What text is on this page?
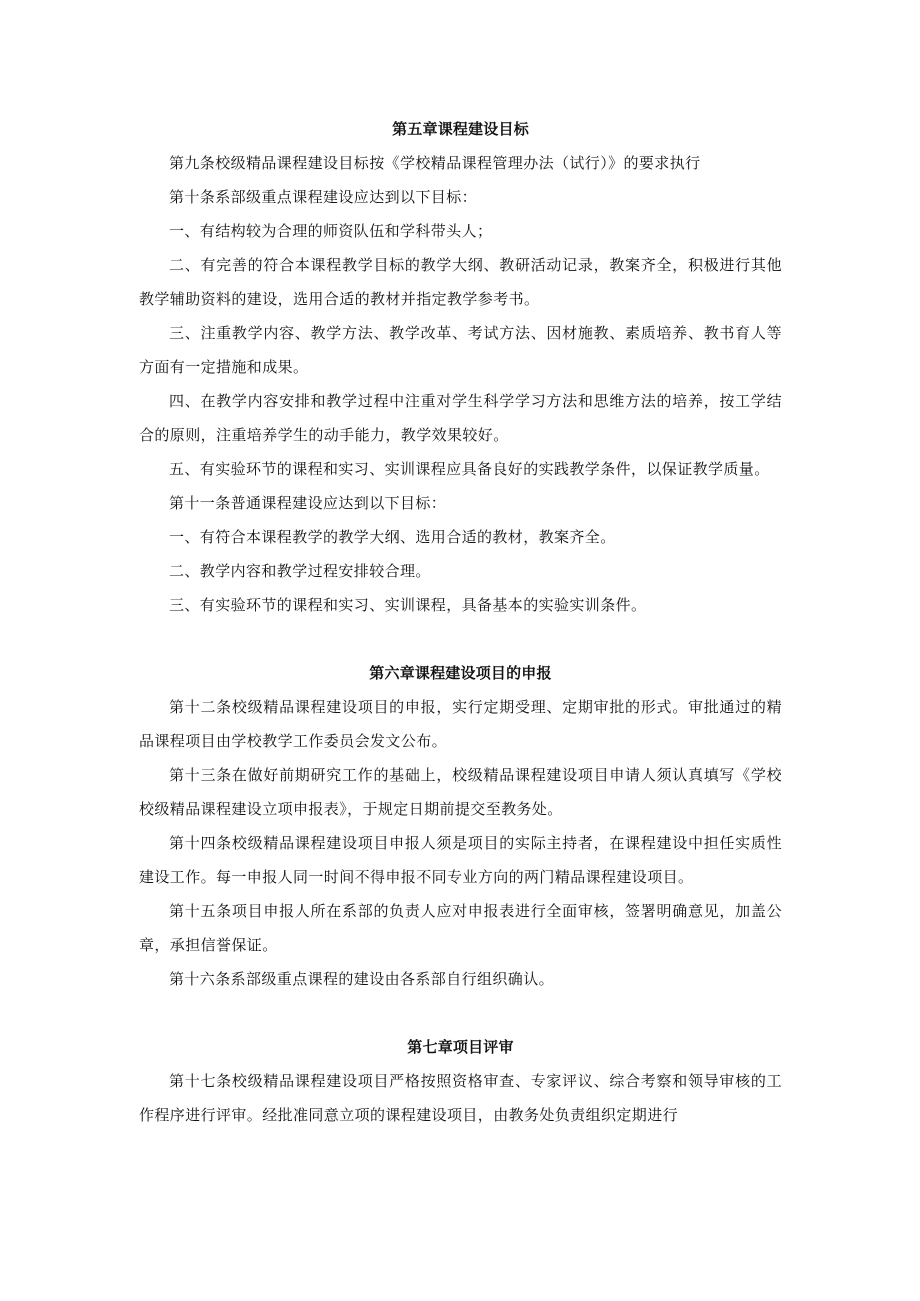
第五章课程建设目标

第九条校级精品课程建设目标按《学校精品课程管理办法（试行）》的要求执行

第十条系部级重点课程建设应达到以下目标：

一、有结构较为合理的师资队伍和学科带头人；

二、有完善的符合本课程教学目标的教学大纲、教研活动记录，教案齐全，积极进行其他教学辅助资料的建设，选用合适的教材并指定教学参考书。

三、注重教学内容、教学方法、教学改革、考试方法、因材施教、素质培养、教书育人等方面有一定措施和成果。

四、在教学内容安排和教学过程中注重对学生科学学习方法和思维方法的培养，按工学结合的原则，注重培养学生的动手能力，教学效果较好。

五、有实验环节的课程和实习、实训课程应具备良好的实践教学条件，以保证教学质量。

第十一条普通课程建设应达到以下目标：

一、有符合本课程教学的教学大纲、选用合适的教材，教案齐全。

二、教学内容和教学过程安排较合理。

三、有实验环节的课程和实习、实训课程，具备基本的实验实训条件。

第六章课程建设项目的申报

第十二条校级精品课程建设项目的申报，实行定期受理、定期审批的形式。审批通过的精品课程项目由学校教学工作委员会发文公布。

第十三条在做好前期研究工作的基础上，校级精品课程建设项目申请人须认真填写《学校校级精品课程建设立项申报表》，于规定日期前提交至教务处。

第十四条校级精品课程建设项目申报人须是项目的实际主持者，在课程建设中担任实质性建设工作。每一申报人同一时间不得申报不同专业方向的两门精品课程建设项目。

第十五条项目申报人所在系部的负责人应对申报表进行全面审核，签署明确意见，加盖公章，承担信誉保证。

第十六条系部级重点课程的建设由各系部自行组织确认。

第七章项目评审

第十七条校级精品课程建设项目严格按照资格审查、专家评议、综合考察和领导审核的工作程序进行评审。经批准同意立项的课程建设项目，由教务处负责组织定期进行
